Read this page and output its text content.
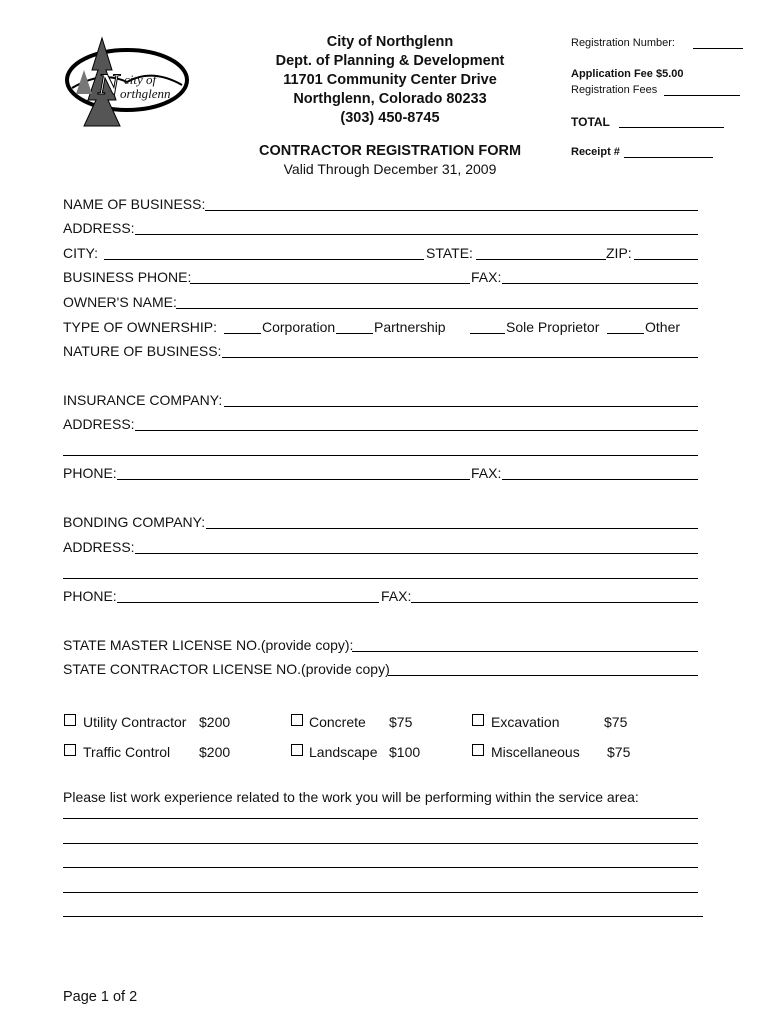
N city of
orthglenn
City of Northglenn
Dept. of Planning & Development
11701 Community Center Drive
Northglenn, Colorado 80233
(303) 450-8745
CONTRACTOR REGISTRATION FORM
Valid Through December 31, 2009
Registration Number:
Application Fee $5.00
Registration Fees
TOTAL
Receipt #
NAME OF BUSINESS:
ADDRESS:
CITY:	STATE:	ZIP:
BUSINESS PHONE:	FAX:
OWNER'S NAME:
TYPE OF OWNERSHIP:	Corporation	Partnership	Sole Proprietor	Other
NATURE OF BUSINESS:
INSURANCE COMPANY:
ADDRESS:
PHONE:	FAX:
BONDING COMPANY:
ADDRESS:
PHONE:	FAX:
STATE MASTER LICENSE NO.(provide copy):
STATE CONTRACTOR LICENSE NO.(provide copy)
Utility Contractor $200	Concrete $75	Excavation	$75
Traffic Control $200	Landscape $100	Miscellaneous $75
Please list work experience related to the work you will be performing within the service area:
Page 1 of 2
